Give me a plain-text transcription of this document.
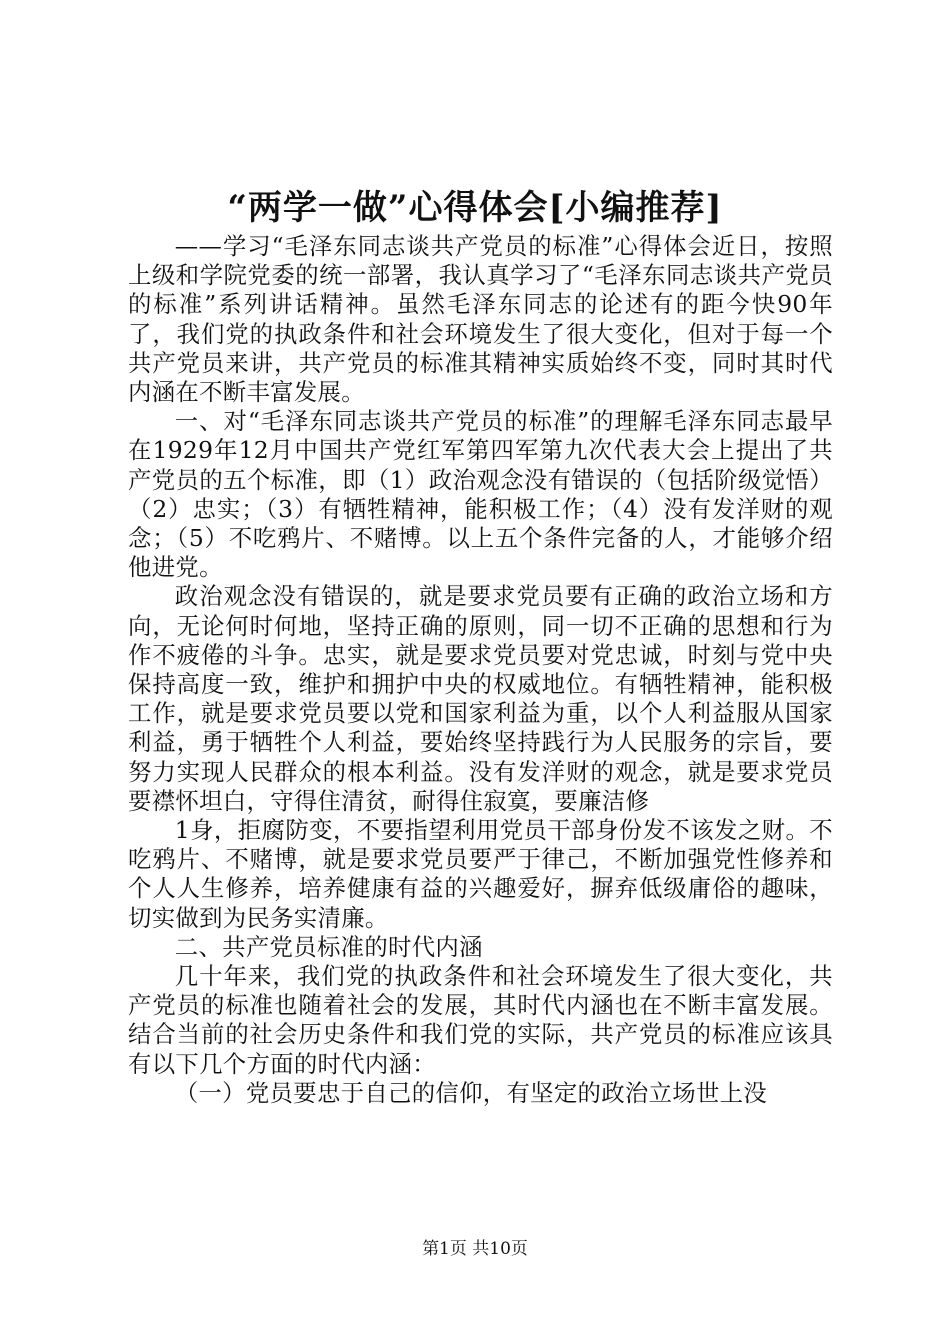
“两学一做”心得体会[小编推荐]

——学习“毛泽东同志谈共产党员的标准”心得体会近日，按照上级和学院党委的统一部署，我认真学习了“毛泽东同志谈共产党员的标准”系列讲话精神。虽然毛泽东同志的论述有的距今快90年了，我们党的执政条件和社会环境发生了很大变化，但对于每一个共产党员来讲，共产党员的标准其精神实质始终不变，同时其时代内涵在不断丰富发展。

一、对“毛泽东同志谈共产党员的标准”的理解毛泽东同志最早在1929年12月中国共产党红军第四军第九次代表大会上提出了共产党员的五个标准，即（1）政治观念没有错误的（包括阶级觉悟）（2）忠实；（3）有牺牲精神，能积极工作；（4）没有发洋财的观念；（5）不吃鸦片、不赌博。以上五个条件完备的人，才能够介绍他进党。

政治观念没有错误的，就是要求党员要有正确的政治立场和方向，无论何时何地，坚持正确的原则，同一切不正确的思想和行为作不疲倦的斗争。忠实，就是要求党员要对党忠诚，时刻与党中央保持高度一致，维护和拥护中央的权威地位。有牺牲精神，能积极工作，就是要求党员要以党和国家利益为重，以个人利益服从国家利益，勇于牺牲个人利益，要始终坚持践行为人民服务的宗旨，要努力实现人民群众的根本利益。没有发洋财的观念，就是要求党员要襟怀坦白，守得住清贫，耐得住寂寞，要廉洁修

1身，拒腐防变，不要指望利用党员干部身份发不该发之财。不吃鸦片、不赌博，就是要求党员要严于律己，不断加强党性修养和个人人生修养，培养健康有益的兴趣爱好，摒弃低级庸俗的趣味，切实做到为民务实清廉。

二、共产党员标准的时代内涵

几十年来，我们党的执政条件和社会环境发生了很大变化，共产党员的标准也随着社会的发展，其时代内涵也在不断丰富发展。结合当前的社会历史条件和我们党的实际，共产党员的标准应该具有以下几个方面的时代内涵：

（一）党员要忠于自己的信仰，有坚定的政治立场世上没

第1页 共10页
